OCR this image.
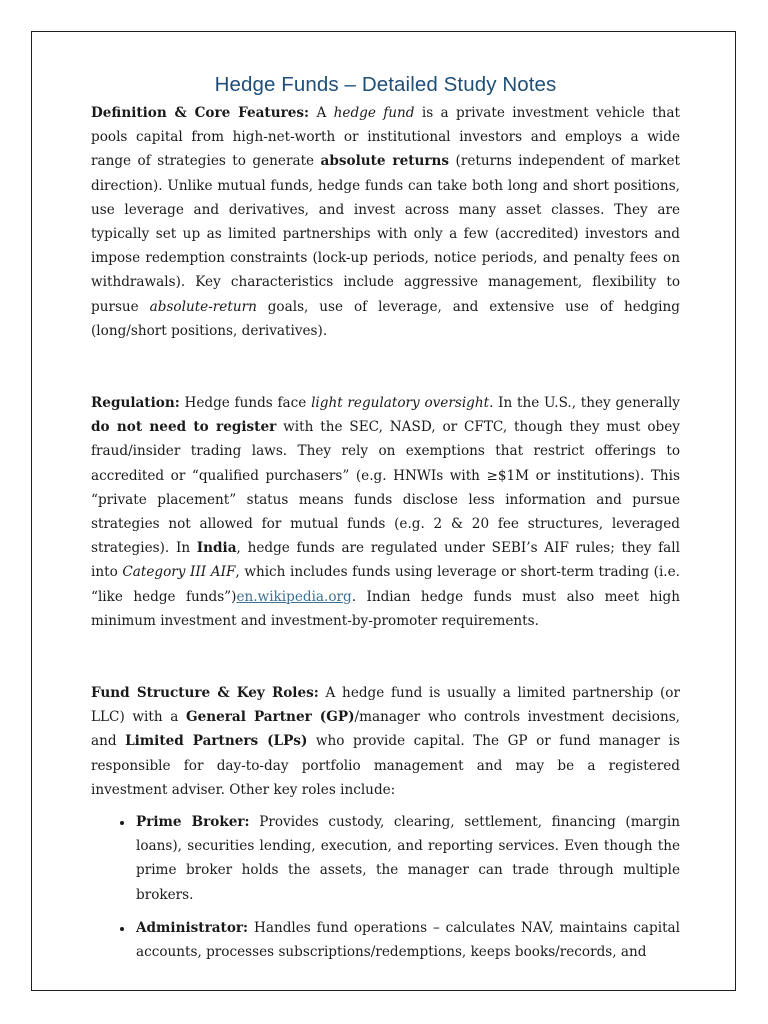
Hedge Funds – Detailed Study Notes

Definition & Core Features: A hedge fund is a private investment vehicle that pools capital from high-net-worth or institutional investors and employs a wide range of strategies to generate absolute returns (returns independent of market direction). Unlike mutual funds, hedge funds can take both long and short positions, use leverage and derivatives, and invest across many asset classes. They are typically set up as limited partnerships with only a few (accredited) investors and impose redemption constraints (lock-up periods, notice periods, and penalty fees on withdrawals). Key characteristics include aggressive management, flexibility to pursue absolute-return goals, use of leverage, and extensive use of hedging (long/short positions, derivatives).

Regulation: Hedge funds face light regulatory oversight. In the U.S., they generally do not need to register with the SEC, NASD, or CFTC, though they must obey fraud/insider trading laws. They rely on exemptions that restrict offerings to accredited or “qualified purchasers” (e.g. HNWIs with ≥$1M or institutions). This “private placement” status means funds disclose less information and pursue strategies not allowed for mutual funds (e.g. 2 & 20 fee structures, leveraged strategies). In India, hedge funds are regulated under SEBI’s AIF rules; they fall into Category III AIF, which includes funds using leverage or short-term trading (i.e. “like hedge funds”)en.wikipedia.org. Indian hedge funds must also meet high minimum investment and investment-by-promoter requirements.

Fund Structure & Key Roles: A hedge fund is usually a limited partnership (or LLC) with a General Partner (GP)/manager who controls investment decisions, and Limited Partners (LPs) who provide capital. The GP or fund manager is responsible for day-to-day portfolio management and may be a registered investment adviser. Other key roles include:

• Prime Broker: Provides custody, clearing, settlement, financing (margin loans), securities lending, execution, and reporting services. Even though the prime broker holds the assets, the manager can trade through multiple brokers.
• Administrator: Handles fund operations – calculates NAV, maintains capital accounts, processes subscriptions/redemptions, keeps books/records, and
